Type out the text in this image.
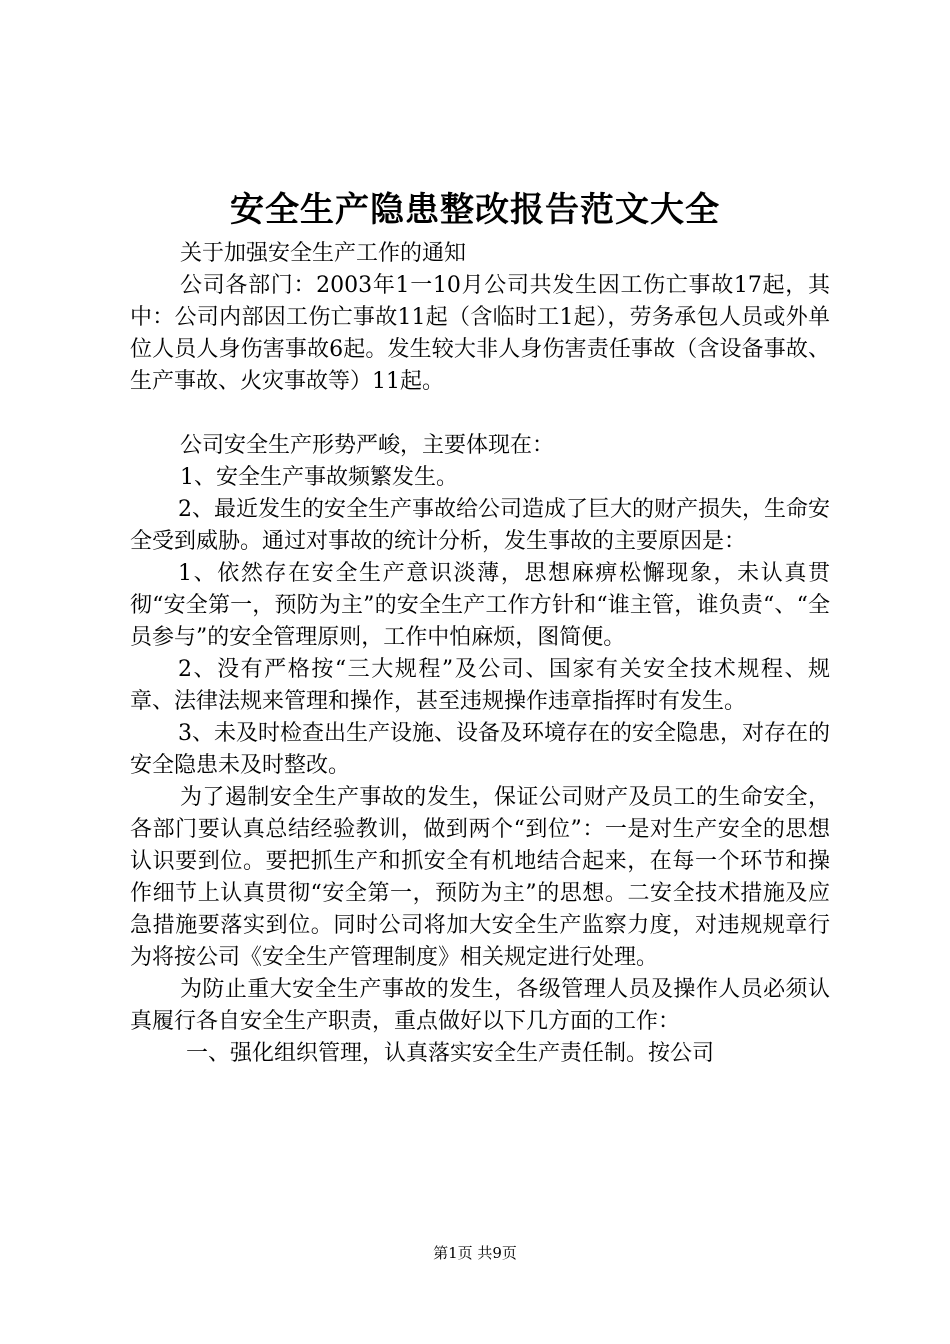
安全生产隐患整改报告范文大全

关于加强安全生产工作的通知

公司各部门：2003年1一10月公司共发生因工伤亡事故17起，其中：公司内部因工伤亡事故11起（含临时工1起），劳务承包人员或外单位人员人身伤害事故6起。发生较大非人身伤害责任事故（含设备事故、生产事故、火灾事故等）11起。

公司安全生产形势严峻，主要体现在：

1、安全生产事故频繁发生。

2、最近发生的安全生产事故给公司造成了巨大的财产损失，生命安全受到威胁。通过对事故的统计分析，发生事故的主要原因是：

1、依然存在安全生产意识淡薄，思想麻痹松懈现象，未认真贯彻“安全第一，预防为主”的安全生产工作方针和“谁主管，谁负责“、“全员参与”的安全管理原则，工作中怕麻烦，图简便。

2、没有严格按“三大规程”及公司、国家有关安全技术规程、规章、法律法规来管理和操作，甚至违规操作违章指挥时有发生。

3、未及时检查出生产设施、设备及环境存在的安全隐患，对存在的安全隐患未及时整改。

为了遏制安全生产事故的发生，保证公司财产及员工的生命安全，各部门要认真总结经验教训，做到两个“到位”：一是对生产安全的思想认识要到位。要把抓生产和抓安全有机地结合起来，在每一个环节和操作细节上认真贯彻“安全第一，预防为主”的思想。二安全技术措施及应急措施要落实到位。同时公司将加大安全生产监察力度，对违规规章行为将按公司《安全生产管理制度》相关规定进行处理。

为防止重大安全生产事故的发生，各级管理人员及操作人员必须认真履行各自安全生产职责，重点做好以下几方面的工作：

一、强化组织管理，认真落实安全生产责任制。按公司

第1页 共9页
